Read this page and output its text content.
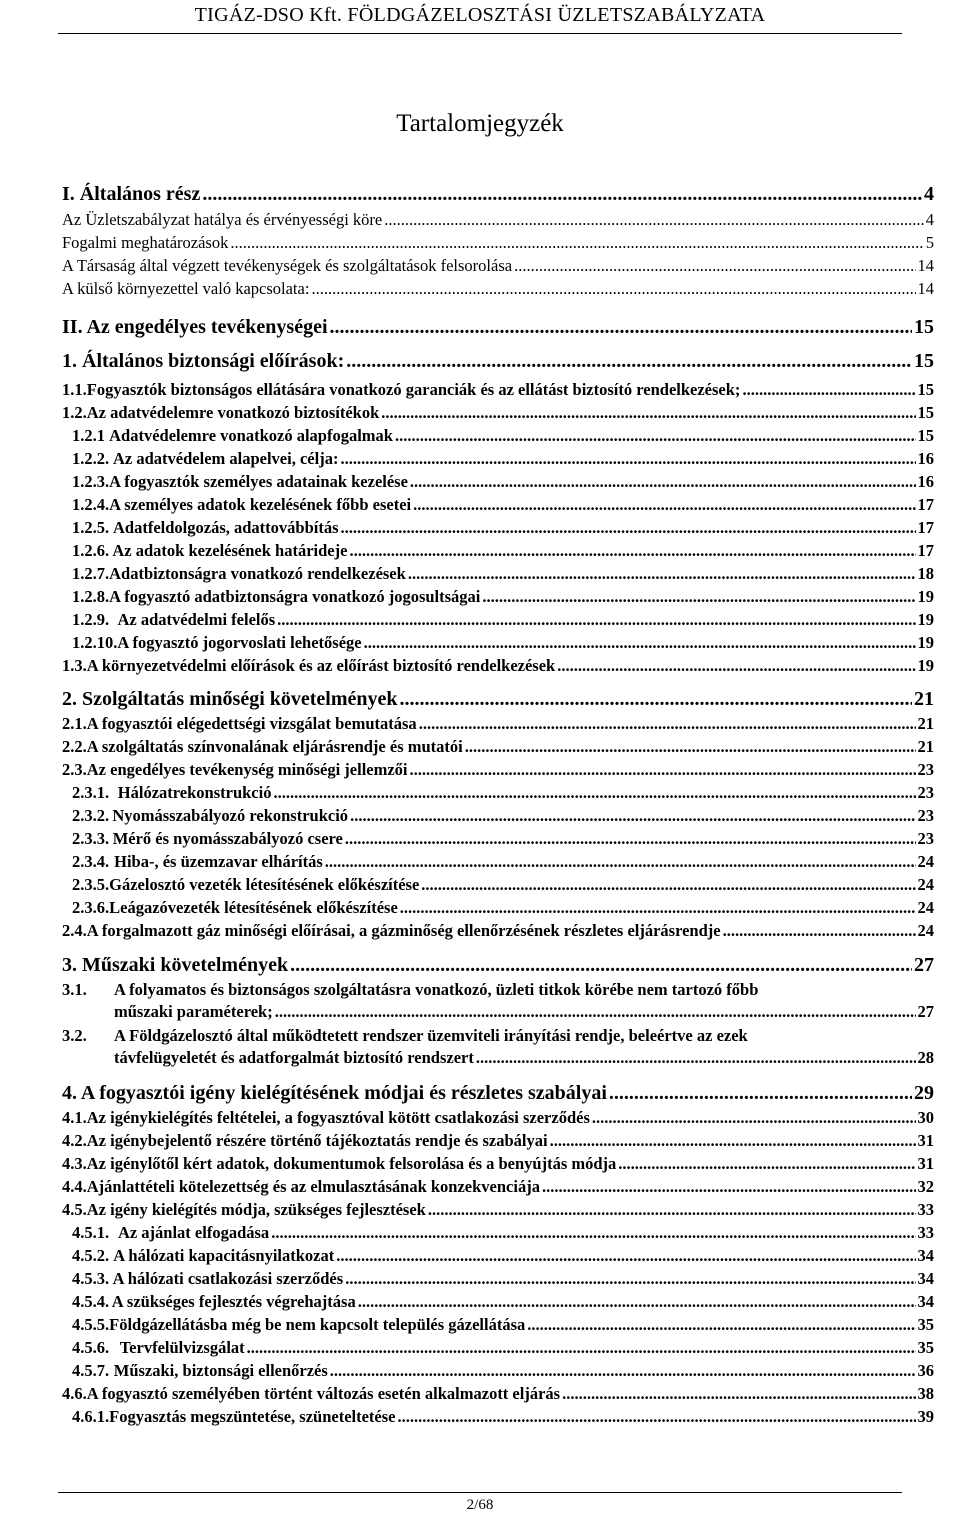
TIGÁZ-DSO Kft. FÖLDGÁZELOSZTÁSI ÜZLETSZABÁLYZATA
Tartalomjegyzék
I. Általános rész .....	4
Az Üzletszabályzat hatálya és érvényességi köre .....	4
Fogalmi meghatározások .....	5
A Társaság által végzett tevékenységek és szolgáltatások felsorolása .....	14
A külső környezettel való kapcsolata: .....	14
II. Az engedélyes tevékenységei .....	15
1. Általános biztonsági előírások: .....	15
1.1. Fogyasztók biztonságos ellátására vonatkozó garanciák és az ellátást biztosító rendelkezések; .....	15
1.2. Az adatvédelemre vonatkozó biztosítékok .....	15
1.2.1 Adatvédelemre vonatkozó alapfogalmak .....	15
1.2.2. Az adatvédelem alapelvei, célja: .....	16
1.2.3. A fogyasztók személyes adatainak kezelése .....	16
1.2.4. A személyes adatok kezelésének főbb esetei .....	17
1.2.5. Adatfeldolgozás, adattovábbítás .....	17
1.2.6. Az adatok kezelésének határideje .....	17
1.2.7. Adatbiztonságra vonatkozó rendelkezések .....	18
1.2.8. A fogyasztó adatbiztonságra vonatkozó jogosultságai .....	19
1.2.9. Az adatvédelmi felelős .....	19
1.2.10. A fogyasztó jogorvoslati lehetősége .....	19
1.3. A környezetvédelmi előírások és az előírást biztosító rendelkezések .....	19
2. Szolgáltatás minőségi követelmények .....	21
2.1. A fogyasztói elégedettségi vizsgálat bemutatása .....	21
2.2. A szolgáltatás színvonalának eljárásrendje és mutatói .....	21
2.3. Az engedélyes tevékenység minőségi jellemzői .....	23
2.3.1. Hálózatrekonstrukció .....	23
2.3.2. Nyomásszabályozó rekonstrukció .....	23
2.3.3. Mérő és nyomásszabályozó csere .....	23
2.3.4. Hiba-, és üzemzavar elhárítás .....	24
2.3.5. Gázelosztó vezeték létesítésének előkészítése .....	24
2.3.6. Leágazóvezeték létesítésének előkészítése .....	24
2.4. A forgalmazott gáz minőségi előírásai, a gázminőség ellenőrzésének részletes eljárásrendje .....	24
3. Műszaki követelmények .....	27
3.1.	A folyamatos és biztonságos szolgáltatásra vonatkozó, üzleti titkok körébe nem tartozó főbb
műszaki paraméterek; .....	27
3.2.	A Földgázelosztó által működtetett rendszer üzemviteli irányítási rendje, beleértve az ezek
távfelügyeletét és adatforgalmát biztosító rendszert .....	28
4. A fogyasztói igény kielégítésének módjai és részletes szabályai .....	29
4.1. Az igénykielégítés feltételei, a fogyasztóval kötött csatlakozási szerződés .....	30
4.2. Az igénybejelentő részére történő tájékoztatás rendje és szabályai .....	31
4.3. Az igénylőtől kért adatok, dokumentumok felsorolása és a benyújtás módja .....	31
4.4. Ajánlattételi kötelezettség és az elmulasztásának konzekvenciája .....	32
4.5. Az igény kielégítés módja, szükséges fejlesztések .....	33
4.5.1. Az ajánlat elfogadása .....	33
4.5.2. A hálózati kapacitásnyilatkozat .....	34
4.5.3. A hálózati csatlakozási szerződés .....	34
4.5.4. A szükséges fejlesztés végrehajtása .....	34
4.5.5. Földgázellátásba még be nem kapcsolt település gázellátása .....	35
4.5.6. Tervfelülvizsgálat .....	35
4.5.7. Műszaki, biztonsági ellenőrzés .....	36
4.6. A fogyasztó személyében történt változás esetén alkalmazott eljárás .....	38
4.6.1. Fogyasztás megszüntetése, szüneteltetése .....	39
2/68
